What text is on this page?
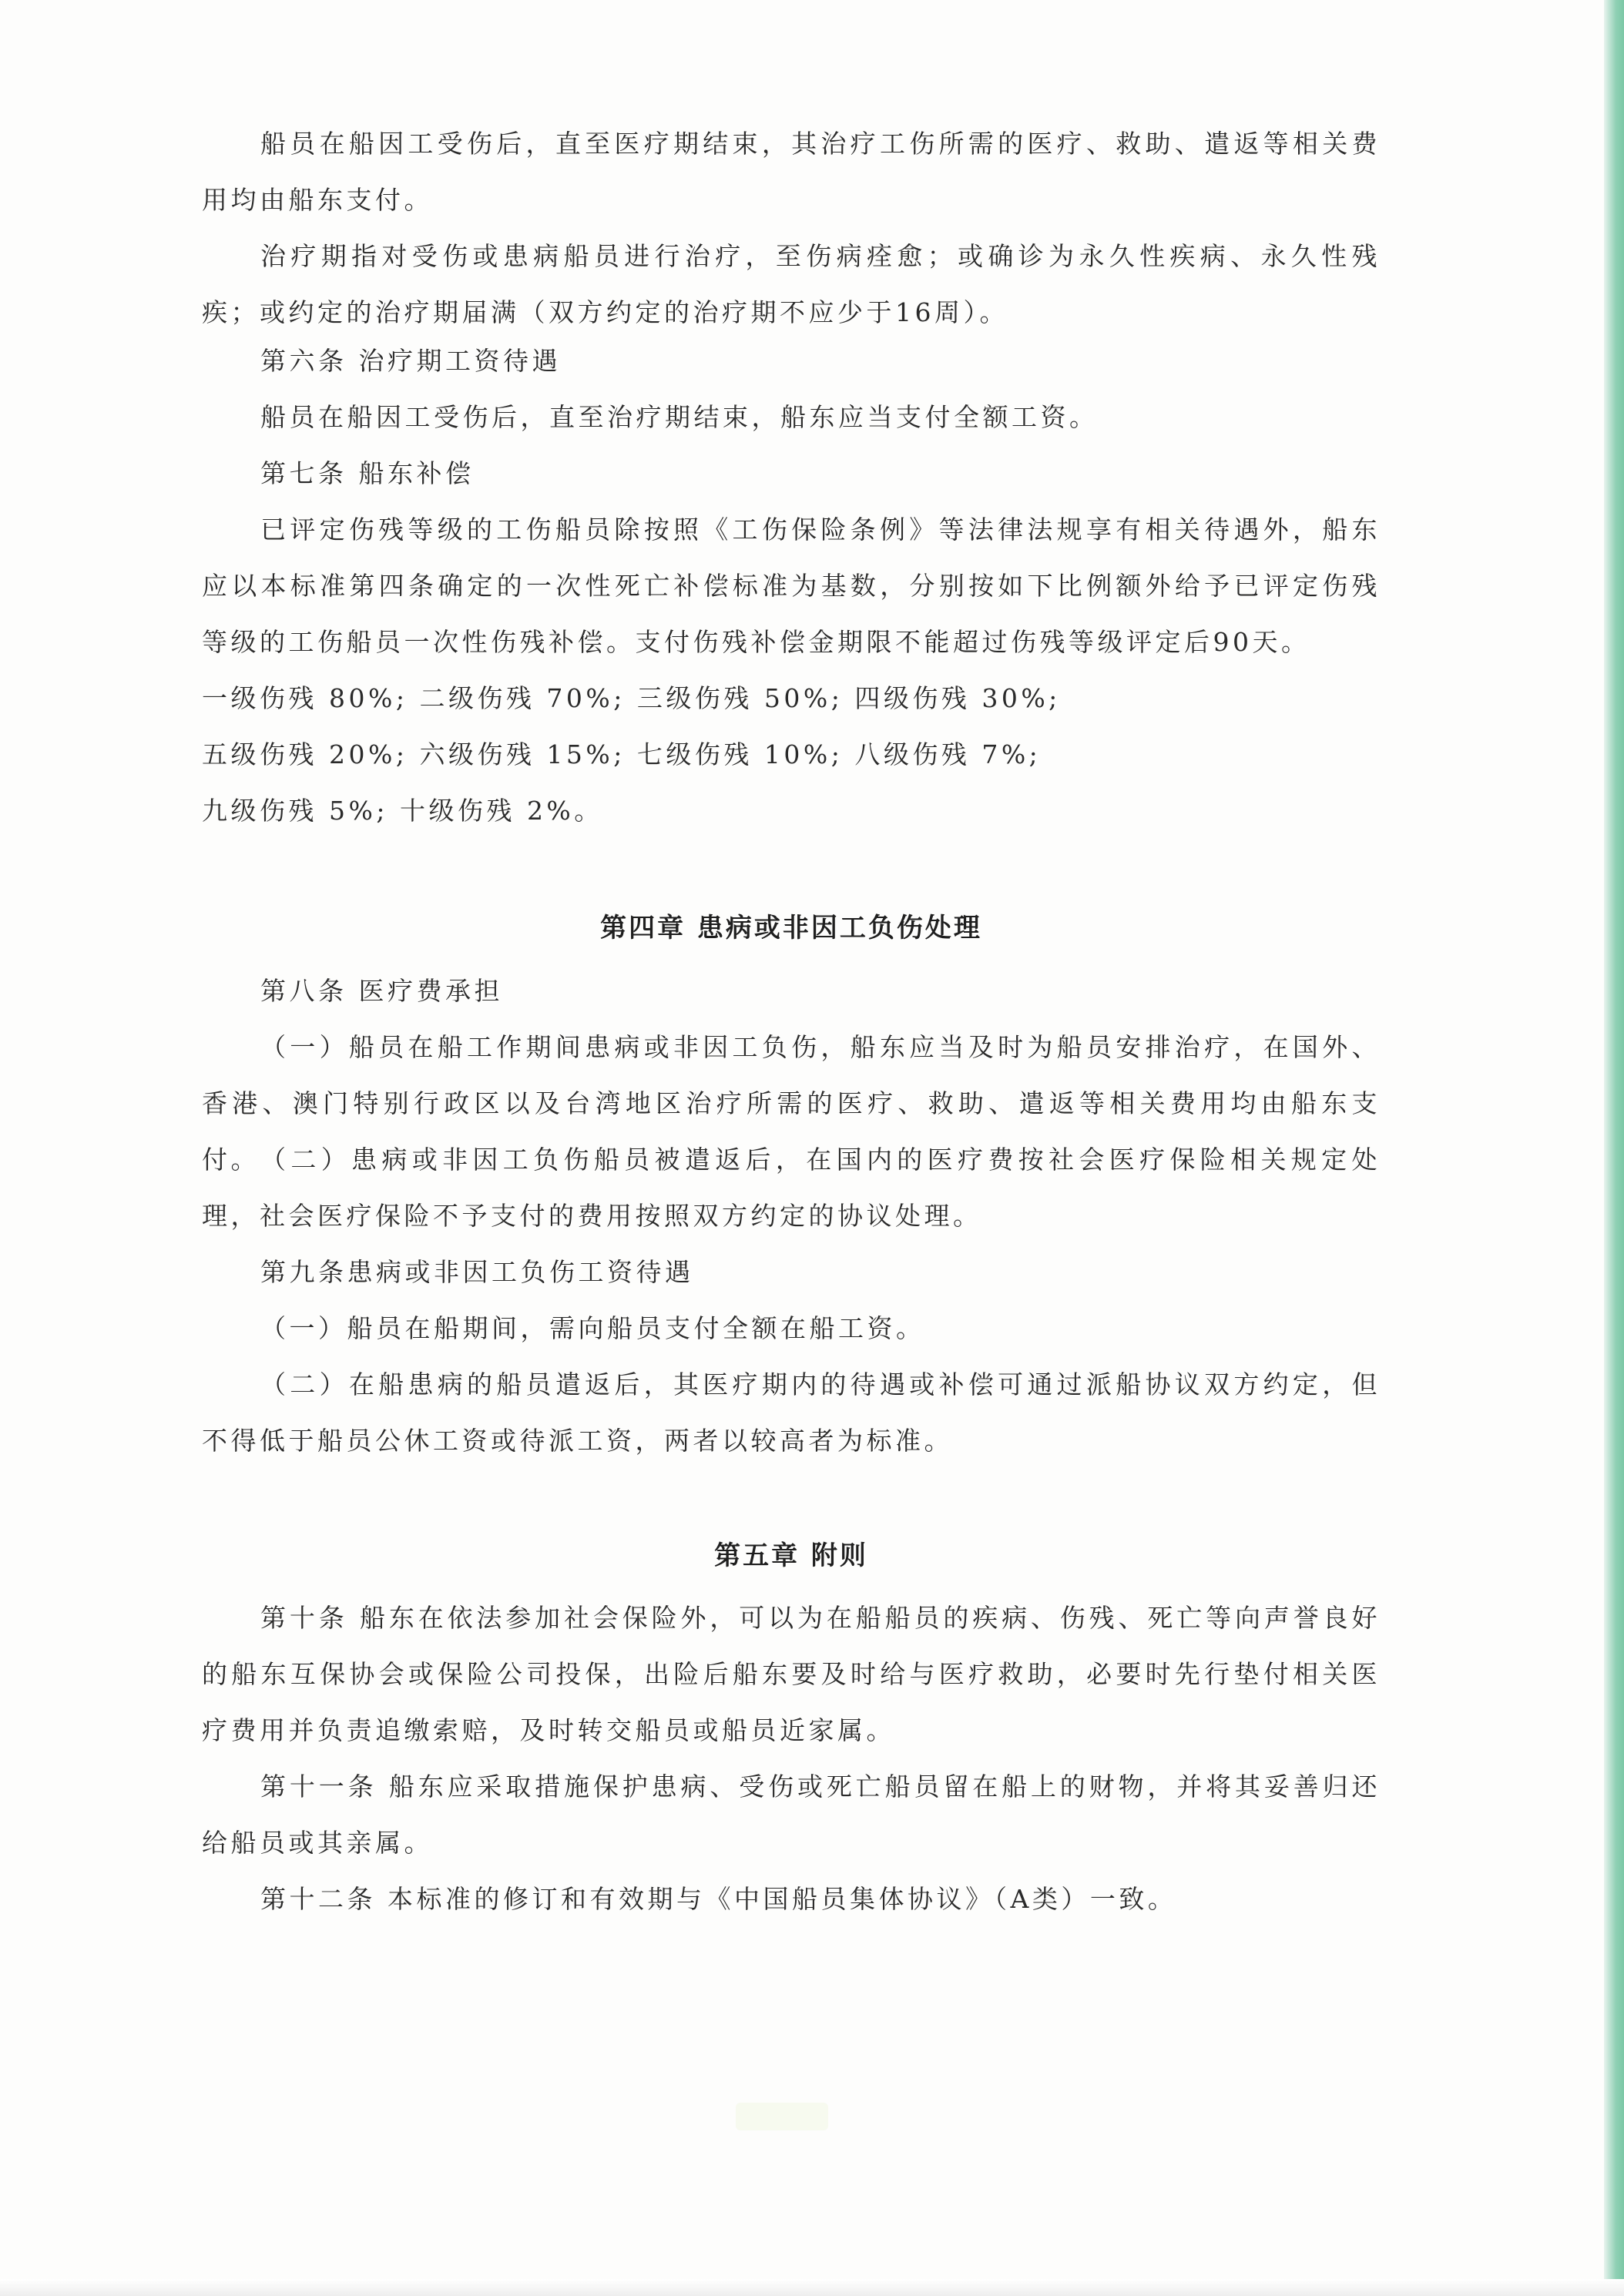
船员在船因工受伤后，直至医疗期结束，其治疗工伤所需的医疗、救助、遣返等相关费用均由船东支付。

治疗期指对受伤或患病船员进行治疗，至伤病痊愈；或确诊为永久性疾病、永久性残疾；或约定的治疗期届满（双方约定的治疗期不应少于16周）。

第六条 治疗期工资待遇

船员在船因工受伤后，直至治疗期结束，船东应当支付全额工资。

第七条 船东补偿

已评定伤残等级的工伤船员除按照《工伤保险条例》等法律法规享有相关待遇外，船东应以本标准第四条确定的一次性死亡补偿标准为基数，分别按如下比例额外给予已评定伤残等级的工伤船员一次性伤残补偿。支付伤残补偿金期限不能超过伤残等级评定后90天。

一级伤残 80%; 二级伤残 70%; 三级伤残 50%; 四级伤残 30%;

五级伤残 20%; 六级伤残 15%; 七级伤残 10%; 八级伤残 7%;

九级伤残 5%; 十级伤残 2%。

第四章 患病或非因工负伤处理

第八条 医疗费承担

（一）船员在船工作期间患病或非因工负伤，船东应当及时为船员安排治疗，在国外、香港、澳门特别行政区以及台湾地区治疗所需的医疗、救助、遣返等相关费用均由船东支付。 （二）患病或非因工负伤船员被遣返后，在国内的医疗费按社会医疗保险相关规定处理，社会医疗保险不予支付的费用按照双方约定的协议处理。

第九条患病或非因工负伤工资待遇

（一）船员在船期间，需向船员支付全额在船工资。

（二）在船患病的船员遣返后，其医疗期内的待遇或补偿可通过派船协议双方约定，但不得低于船员公休工资或待派工资，两者以较高者为标准。

第五章 附则

第十条 船东在依法参加社会保险外，可以为在船船员的疾病、伤残、死亡等向声誉良好的船东互保协会或保险公司投保，出险后船东要及时给与医疗救助，必要时先行垫付相关医疗费用并负责追缴索赔，及时转交船员或船员近家属。

第十一条 船东应采取措施保护患病、受伤或死亡船员留在船上的财物，并将其妥善归还给船员或其亲属。

第十二条 本标准的修订和有效期与《中国船员集体协议》（A类）一致。
